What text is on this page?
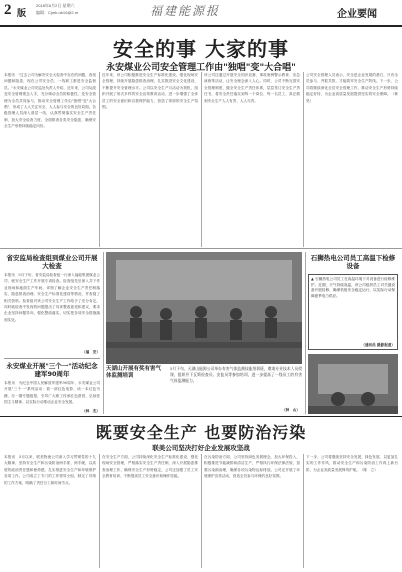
2 版
2018年6月2日 星期六
编辑：Cjmb.ub10@2.m	福建能源报	企业要闻
安全的事 大家的事
永安煤业公司安全管理工作由"独唱"变"大合唱"
本报讯　"过去公司为解决安全大检查中存在的问题，查找问题和隐患，现在公司安全员、一线职工都是安全监督员。"永安煤业公司安监处负责人介绍，近年来，公司从改变安全管理观念入手，充分调动全员的积极性，变安全管理为全员共同参与，推动安全管理工作由"独唱"变"大合唱"，形成了人人关注安全、人人参与安全的良好局面。各级管理人员深入基层一线，认真贯彻落实安全生产责任制，加大安全检查力度，全面排查各类安全隐患，确保安全生产形势持续稳定向好。
近年来，该公司积极推进安全生产标准化建设，强化现场安全管理，持续开展隐患排查治理，扎实推进安全文化建设，不断提升安全管理水平。公司以安全生产月活动为契机，组织开展了形式多样的安全宣传教育活动，进一步增强了全体员工的安全意识和自我保护能力，营造了浓厚的安全生产氛围。
该公司还通过开展安全知识竞赛、事故案例警示教育、应急演练等活动，让安全理念深入人心。同时，公司不断完善安全管理制度，健全安全生产责任体系，层层签订安全生产责任书，将安全责任落实到每一个岗位、每一名员工，真正做到安全生产人人有责、人人尽责。
公司安全管理人员表示，安全是企业发展的基石，只有全员参与、齐抓共管，才能筑牢安全生产防线。下一步，公司将继续深化全员安全管理工作，推动安全生产形势持续稳定好转，为企业高质量发展提供坚实的安全保障。（林　昊）
省安监局检查组到煤业公司开展大检查
本报讯　5月下旬，省安监局检查组一行深入福能集团煤业公司，就安全生产工作开展专项检查。检查组先后深入井下作业现场和地面生产车间，详细了解企业安全生产责任制落实、隐患排查治理、安全生产标准化建设等情况，并查阅了相关资料。检查组对该公司安全生产工作给予了充分肯定，同时就检查中发现的问题提出了具体整改意见和建议，要求企业坚持问题导向，强化整改落实，切实把各项安全措施落到实处。
（福　安）
永安煤业开展"三个一"活动纪念建军90周年
本报讯　为纪念中国人民解放军建军90周年，永安煤业公司开展"三个一"系列活动：看一部红色电影、读一本红色书籍、办一期专题板报，引导广大职工传承红色基因，弘扬爱国主义精神，以实际行动推动企业安全发展。
（林　杰）
天湖山开展有奖有害气体监测培训
5月下旬，天湖山能源公司举办有害气体监测技能培训班，邀请专业技术人员授课，组织井下瓦斯检查员、安监员等参加培训，进一步提高了一线员工的有害气体监测能力。
（钟　山）
石狮热电公司员工高温下检修设备
▲ 石狮热电公司员工在高温环境下对设备进行检修维护。近期，天气持续高温，该公司组织员工对关键设备开展检修，确保机组安全稳定运行，以实际行动保障夏季电力供应。
（通讯员 摄影报道）
既要安全生产 也要防治污染
联美公司坚决打好企业发展攻坚战
本报讯　5月以来，联美物流公司深入学习贯彻党的十九大精神，坚持安全生产和污染防治两手抓、两手硬，以高度的政治责任感和使命感，扎实推进安全生产和环境保护各项工作。公司成立了专门的工作领导小组，制定了详细的工作方案，明确了责任分工和时间节点。
在安全生产方面，公司持续深化安全生产标准化建设，强化现场安全管理，严格落实安全生产责任制，深入开展隐患排查治理工作，确保安全生产形势稳定。公司还加强了员工安全教育培训，不断提高员工安全意识和操作技能。
在污染防治方面，公司坚持绿色发展理念，加大环保投入，积极推进节能减排和清洁生产，严格执行环保法律法规，加强污染源治理，确保各项污染物达标排放。公司还开展了环境保护宣传活动，营造全员参与环保的良好氛围。
下一步，公司将继续坚持安全发展、绿色发展，以更加扎实的工作作风，推动安全生产和污染防治工作再上新台阶，为企业高质量发展保驾护航。（陈　立）
